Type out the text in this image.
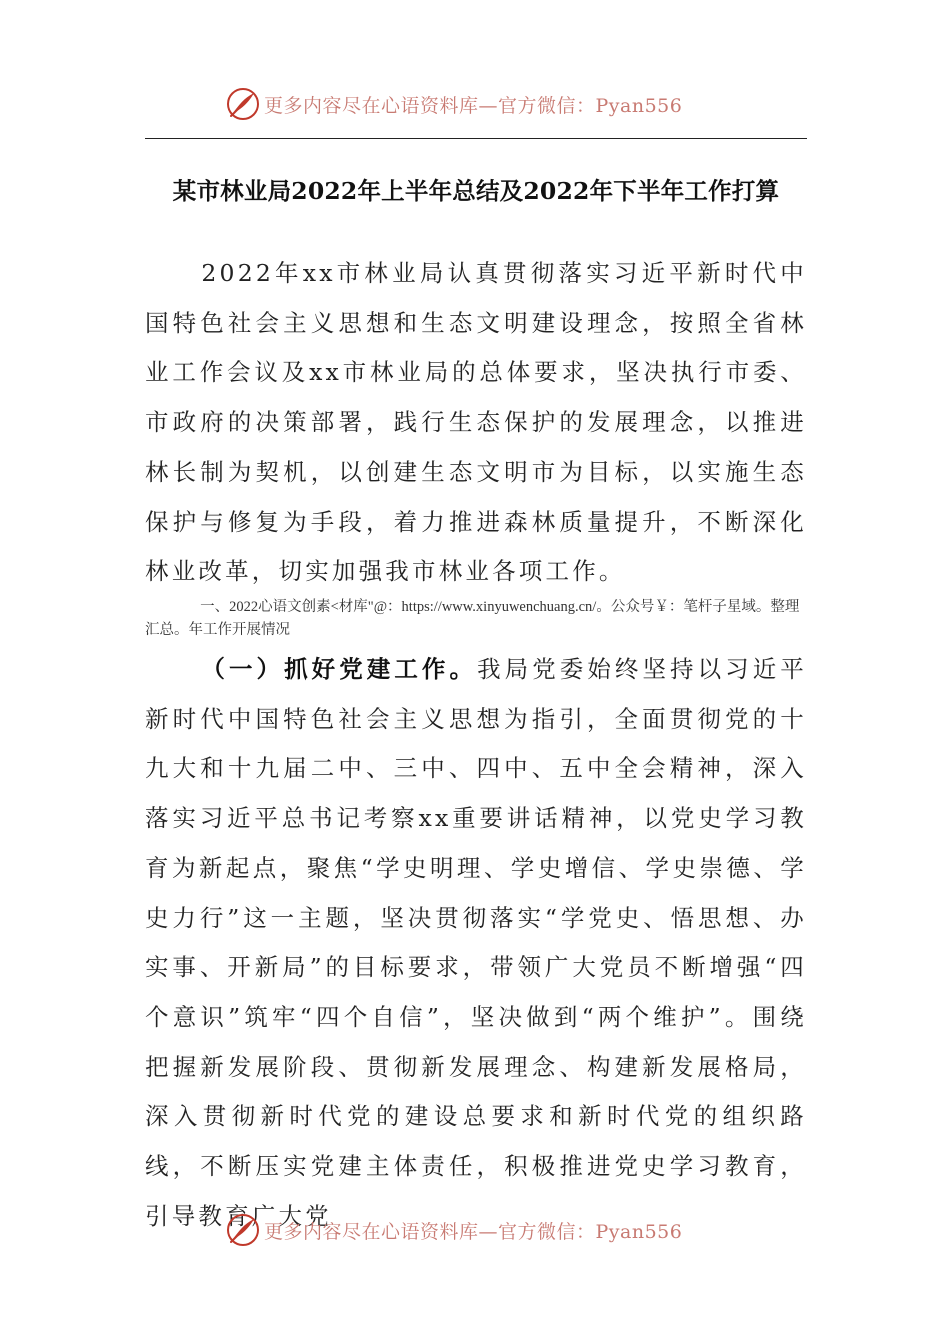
更多内容尽在心语资料库—官方微信：Pyan556
某市林业局2022年上半年总结及2022年下半年工作打算

2022年xx市林业局认真贯彻落实习近平新时代中国特色社会主义思想和生态文明建设理念，按照全省林业工作会议及xx市林业局的总体要求，坚决执行市委、市政府的决策部署，践行生态保护的发展理念，以推进林长制为契机，以创建生态文明市为目标，以实施生态保护与修复为手段，着力推进森林质量提升，不断深化林业改革，切实加强我市林业各项工作。

一、2022心语文创素<材库"@：https://www.xinyuwenchuang.cn/。公众号￥：笔杆子星域。整理汇总。年工作开展情况

（一）抓好党建工作。我局党委始终坚持以习近平新时代中国特色社会主义思想为指引，全面贯彻党的十九大和十九届二中、三中、四中、五中全会精神，深入落实习近平总书记考察xx重要讲话精神，以党史学习教育为新起点，聚焦“学史明理、学史增信、学史崇德、学史力行”这一主题，坚决贯彻落实“学党史、悟思想、办实事、开新局”的目标要求，带领广大党员不断增强“四个意识”筑牢“四个自信”，坚决做到“两个维护”。围绕把握新发展阶段、贯彻新发展理念、构建新发展格局，深入贯彻新时代党的建设总要求和新时代党的组织路线，不断压实党建主体责任，积极推进党史学习教育，引导教育广大党

更多内容尽在心语资料库—官方微信：Pyan556
